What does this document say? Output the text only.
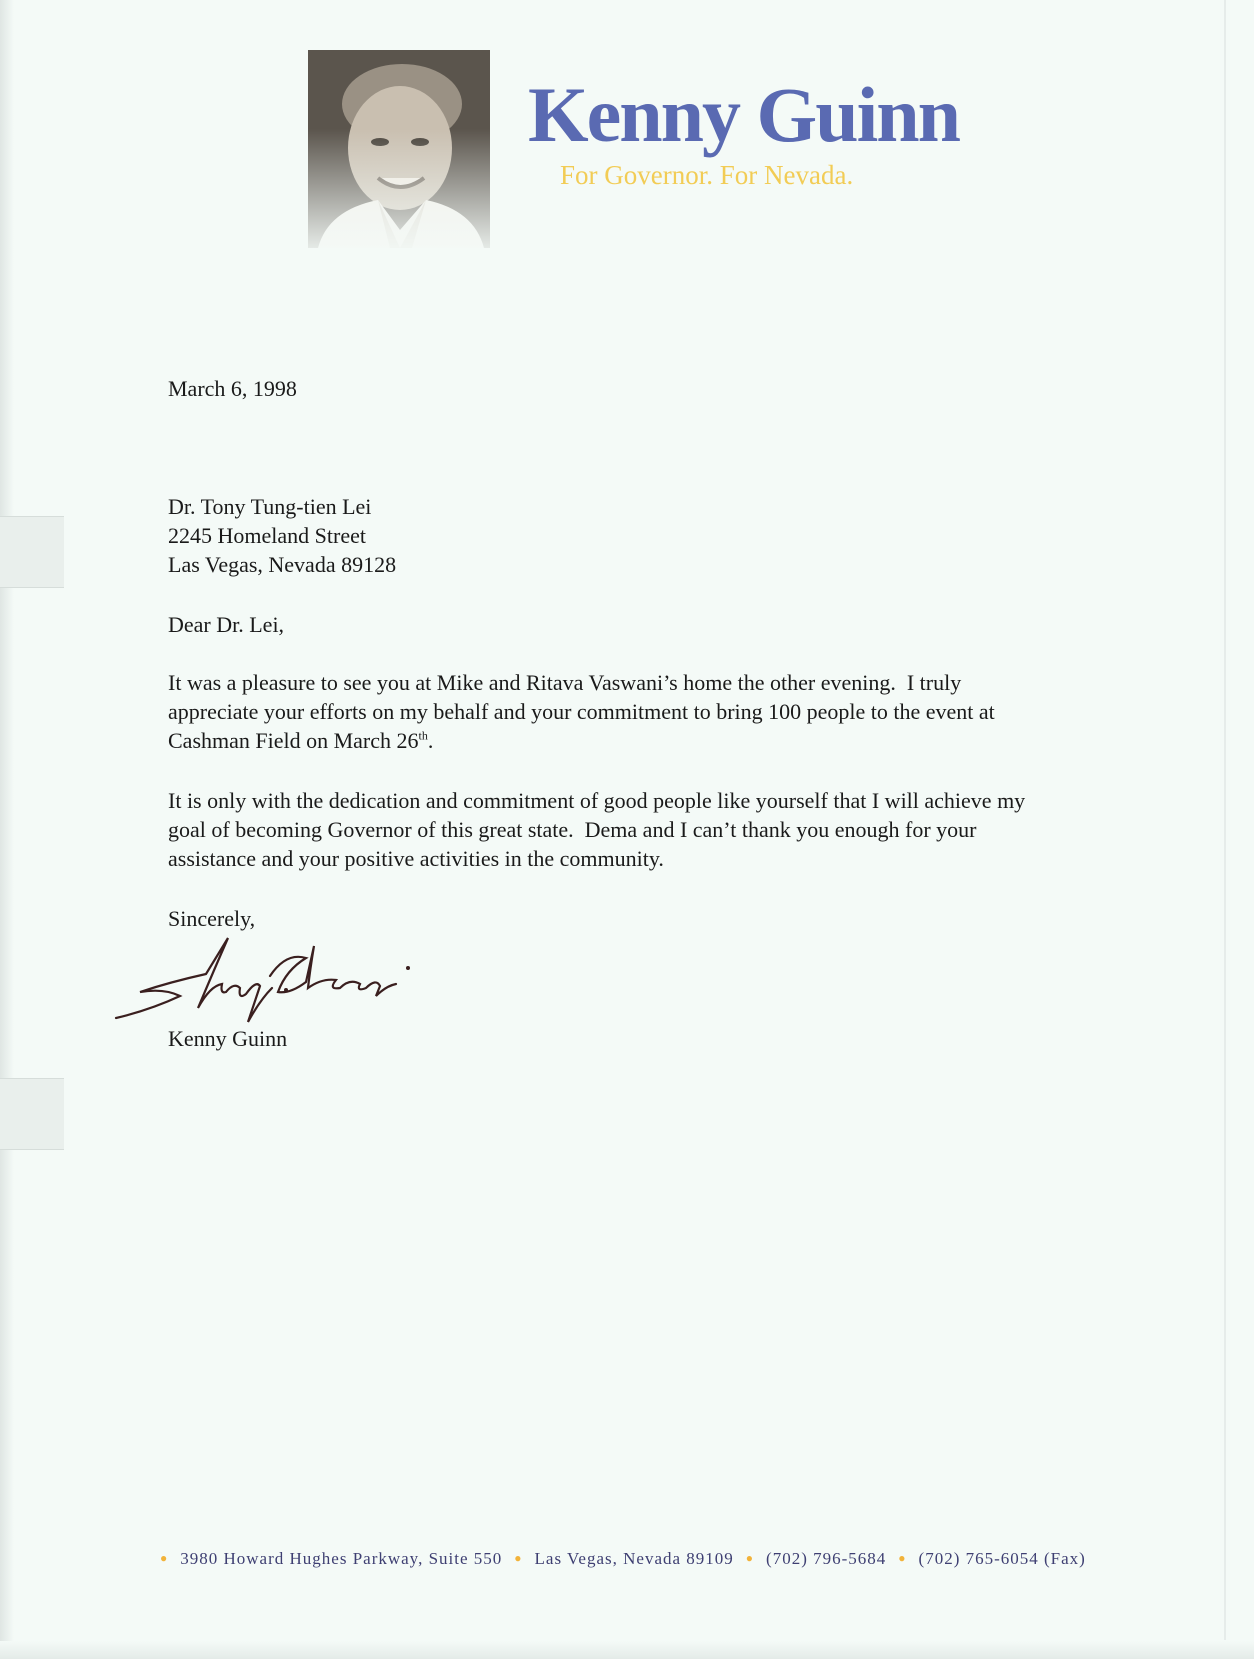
Kenny Guinn
For Governor. For Nevada.
March 6, 1998
Dr. Tony Tung-tien Lei
2245 Homeland Street
Las Vegas, Nevada 89128
Dear Dr. Lei,
It was a pleasure to see you at Mike and Ritava Vaswani’s home the other evening.  I truly
appreciate your efforts on my behalf and your commitment to bring 100 people to the event at
Cashman Field on March 26th.
It is only with the dedication and commitment of good people like yourself that I will achieve my
goal of becoming Governor of this great state.  Dema and I can’t thank you enough for your
assistance and your positive activities in the community.
Sincerely,
Kenny Guinn
● 3980 Howard Hughes Parkway, Suite 550 ● Las Vegas, Nevada 89109 ● (702) 796-5684 ● (702) 765-6054 (Fax)
